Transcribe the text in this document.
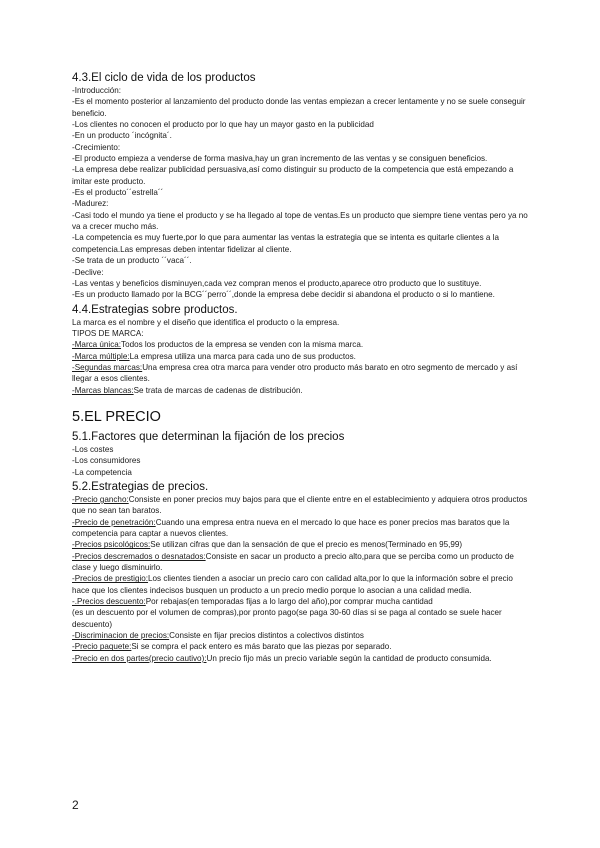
4.3.El ciclo de vida de los productos

-Introducción:

-Es el momento posterior al lanzamiento del producto donde las ventas empiezan a crecer lentamente y no se suele conseguir beneficio.

-Los clientes no conocen el producto por lo que hay un mayor gasto en la publicidad

-En un producto ´incógnita´.

-Crecimiento:

-El producto empieza a venderse de forma masiva,hay un gran incremento de las ventas y se consiguen beneficios.

-La empresa debe realizar publicidad persuasiva,así como distinguir su producto de la competencia que está empezando a imitar este producto.

-Es el producto´´estrella´´

-Madurez:

-Casi todo el mundo ya tiene el producto y se ha llegado al tope de ventas.Es un producto que siempre tiene ventas pero ya no va a crecer mucho más.

-La competencia es muy fuerte,por lo que para aumentar las ventas la estrategia que se intenta es quitarle clientes a la competencia.Las empresas deben intentar fidelizar al cliente.

-Se trata de un producto ´´vaca´´.

-Declive:

-Las ventas y beneficios disminuyen,cada vez compran menos el producto,aparece otro producto que lo sustituye.

-Es un producto llamado por la BCG´´perro´´,donde la empresa debe decidir si abandona el producto o si lo mantiene.

4.4.Estrategias sobre productos.

La marca es el nombre y el diseño que identifica el producto o la empresa.

TIPOS DE MARCA:

-Marca única:Todos los productos de la empresa se venden con la misma marca.

-Marca múltiple:La empresa utiliza una marca para cada uno de sus productos.

-Segundas marcas:Una empresa crea otra marca para vender otro producto más barato en otro segmento de mercado y así llegar a esos clientes.

-Marcas blancas:Se trata de marcas de cadenas de distribución.

5.EL PRECIO
5.1.Factores que determinan la fijación de los precios

-Los costes

-Los consumidores

-La competencia

5.2.Estrategias de precios.

-Precio gancho:Consiste en poner precios muy bajos para que el cliente entre en el establecimiento y adquiera otros productos que no sean tan baratos.

-Precio de penetración:Cuando una empresa entra nueva en el mercado lo que hace es poner precios mas baratos que la competencia para captar a nuevos clientes.

-Precios psicológicos:Se utilizan cifras que dan la sensación de que el precio es menos(Terminado en 95,99)

-Precios descremados o desnatados:Consiste en sacar un producto a precio alto,para que se perciba como un producto de clase y luego disminuirlo.

-Precios de prestigio:Los clientes tienden a asociar un precio caro con calidad alta,por lo que la información sobre el precio hace que los clientes indecisos busquen un producto a un precio medio porque lo asocian a una calidad media.

-.Precios descuento:Por rebajas(en temporadas fijas a lo largo del año),por comprar mucha cantidad

(es un descuento por el volumen de compras),por pronto pago(se paga 30-60 días si se paga al contado se suele hacer descuento)

-Discriminacion de precios:Consiste en fijar precios distintos a colectivos distintos

-Precio paquete:Si se compra el pack entero es más barato que las piezas por separado.

-Precio en dos partes(precio cautivo):Un precio fijo más un precio variable según la cantidad de producto consumida.

2
